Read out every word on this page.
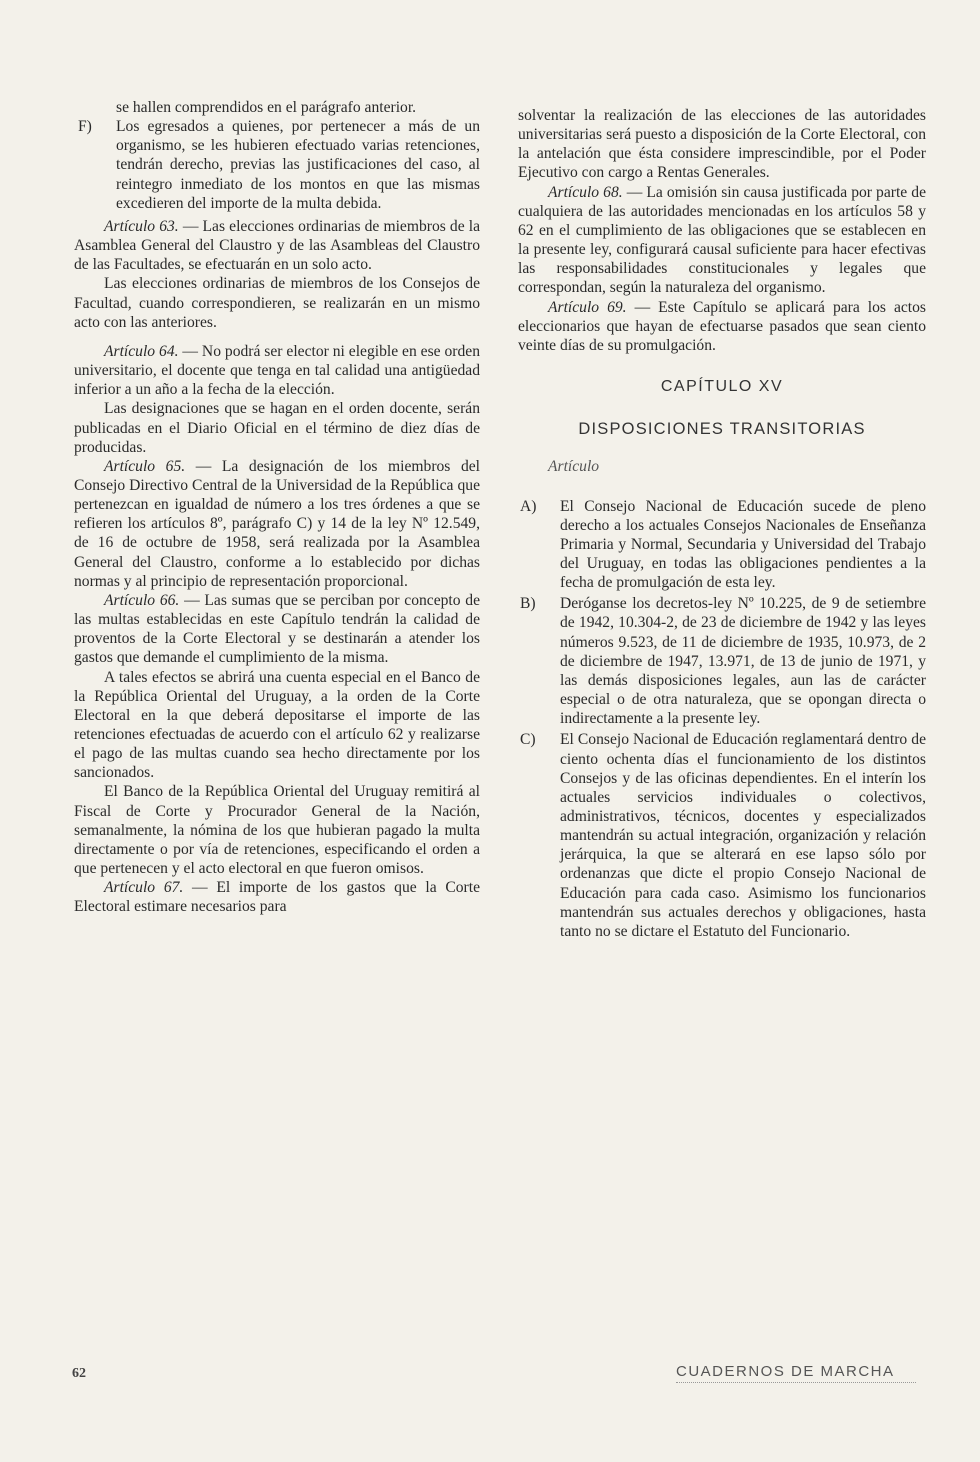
se hallen comprendidos en el parágrafo anterior.

F) Los egresados a quienes, por pertenecer a más de un organismo, se les hubieren efectuado varias retenciones, tendrán derecho, previas las justificaciones del caso, al reintegro inmediato de los montos en que las mismas excedieren del importe de la multa debida.

Artículo 63. — Las elecciones ordinarias de miembros de la Asamblea General del Claustro y de las Asambleas del Claustro de las Facultades, se efectuarán en un solo acto.

Las elecciones ordinarias de miembros de los Consejos de Facultad, cuando correspondieren, se realizarán en un mismo acto con las anteriores.

Artículo 64. — No podrá ser elector ni elegible en ese orden universitario, el docente que tenga en tal calidad una antigüedad inferior a un año a la fecha de la elección.

Las designaciones que se hagan en el orden docente, serán publicadas en el Diario Oficial en el término de diez días de producidas.

Artículo 65. — La designación de los miembros del Consejo Directivo Central de la Universidad de la República que pertenezcan en igualdad de número a los tres órdenes a que se refieren los artículos 8º, parágrafo C) y 14 de la ley Nº 12.549, de 16 de octubre de 1958, será realizada por la Asamblea General del Claustro, conforme a lo establecido por dichas normas y al principio de representación proporcional.

Artículo 66. — Las sumas que se perciban por concepto de las multas establecidas en este Capítulo tendrán la calidad de proventos de la Corte Electoral y se destinarán a atender los gastos que demande el cumplimiento de la misma.

A tales efectos se abrirá una cuenta especial en el Banco de la República Oriental del Uruguay, a la orden de la Corte Electoral en la que deberá depositarse el importe de las retenciones efectuadas de acuerdo con el artículo 62 y realizarse el pago de las multas cuando sea hecho directamente por los sancionados.

El Banco de la República Oriental del Uruguay remitirá al Fiscal de Corte y Procurador General de la Nación, semanalmente, la nómina de los que hubieran pagado la multa directamente o por vía de retenciones, especificando el orden a que pertenecen y el acto electoral en que fueron omisos.

Artículo 67. — El importe de los gastos que la Corte Electoral estimare necesarios para

solventar la realización de las elecciones de las autoridades universitarias será puesto a disposición de la Corte Electoral, con la antelación que ésta considere imprescindible, por el Poder Ejecutivo con cargo a Rentas Generales.

Artículo 68. — La omisión sin causa justificada por parte de cualquiera de las autoridades mencionadas en los artículos 58 y 62 en el cumplimiento de las obligaciones que se establecen en la presente ley, configurará causal suficiente para hacer efectivas las responsabilidades constitucionales y legales que correspondan, según la naturaleza del organismo.

Artículo 69. — Este Capítulo se aplicará para los actos eleccionarios que hayan de efectuarse pasados que sean ciento veinte días de su promulgación.

CAPÍTULO XV
DISPOSICIONES TRANSITORIAS
Artículo
A) El Consejo Nacional de Educación sucede de pleno derecho a los actuales Consejos Nacionales de Enseñanza Primaria y Normal, Secundaria y Universidad del Trabajo del Uruguay, en todas las obligaciones pendientes a la fecha de promulgación de esta ley.

B) Deróganse los decretos-ley Nº 10.225, de 9 de setiembre de 1942, 10.304-2, de 23 de diciembre de 1942 y las leyes números 9.523, de 11 de diciembre de 1935, 10.973, de 2 de diciembre de 1947, 13.971, de 13 de junio de 1971, y las demás disposiciones legales, aun las de carácter especial o de otra naturaleza, que se opongan directa o indirectamente a la presente ley.

C) El Consejo Nacional de Educación reglamentará dentro de ciento ochenta días el funcionamiento de los distintos Consejos y de las oficinas dependientes. En el interín los actuales servicios individuales o colectivos, administrativos, técnicos, docentes y especializados mantendrán su actual integración, organización y relación jerárquica, la que se alterará en ese lapso sólo por ordenanzas que dicte el propio Consejo Nacional de Educación para cada caso. Asimismo los funcionarios mantendrán sus actuales derechos y obligaciones, hasta tanto no se dictare el Estatuto del Funcionario.

62	CUADERNOS DE MARCHA
